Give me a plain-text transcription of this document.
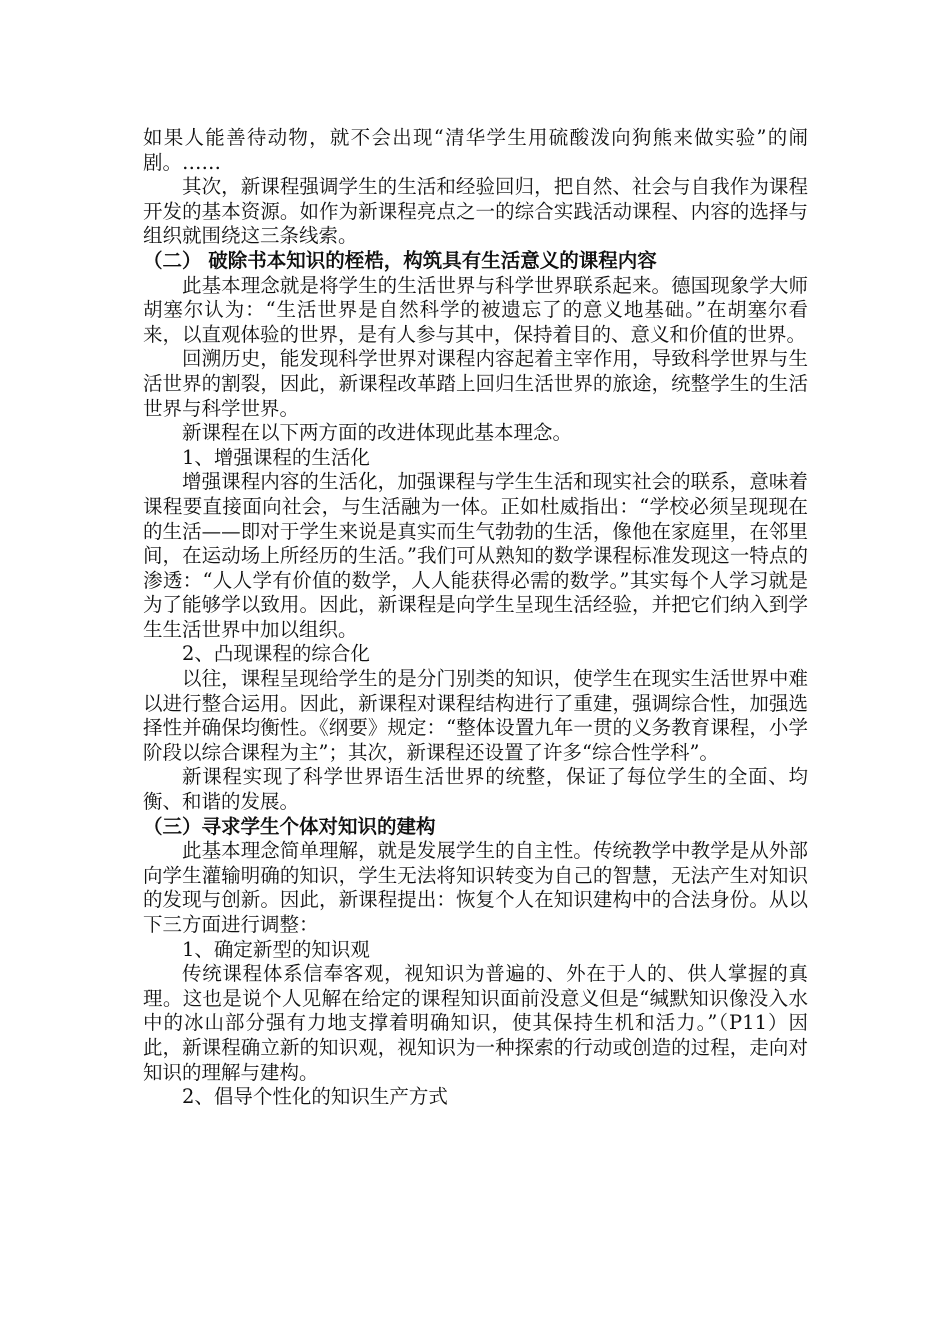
如果人能善待动物，就不会出现“清华学生用硫酸泼向狗熊来做实验”的闹剧。……

其次，新课程强调学生的生活和经验回归，把自然、社会与自我作为课程开发的基本资源。如作为新课程亮点之一的综合实践活动课程、内容的选择与组织就围绕这三条线索。

（二） 破除书本知识的桎梏，构筑具有生活意义的课程内容

此基本理念就是将学生的生活世界与科学世界联系起来。德国现象学大师胡塞尔认为：“生活世界是自然科学的被遗忘了的意义地基础。”在胡塞尔看来，以直观体验的世界，是有人参与其中，保持着目的、意义和价值的世界。

回溯历史，能发现科学世界对课程内容起着主宰作用，导致科学世界与生活世界的割裂，因此，新课程改革踏上回归生活世界的旅途，统整学生的生活世界与科学世界。

新课程在以下两方面的改进体现此基本理念。

1、增强课程的生活化

增强课程内容的生活化，加强课程与学生生活和现实社会的联系，意味着课程要直接面向社会，与生活融为一体。正如杜威指出：“学校必须呈现现在的生活——即对于学生来说是真实而生气勃勃的生活，像他在家庭里，在邻里间，在运动场上所经历的生活。”我们可从熟知的数学课程标准发现这一特点的渗透：“人人学有价值的数学，人人能获得必需的数学。”其实每个人学习就是为了能够学以致用。因此，新课程是向学生呈现生活经验，并把它们纳入到学生生活世界中加以组织。

2、凸现课程的综合化

以往，课程呈现给学生的是分门别类的知识，使学生在现实生活世界中难以进行整合运用。因此，新课程对课程结构进行了重建，强调综合性，加强选择性并确保均衡性。《纲要》规定：“整体设置九年一贯的义务教育课程，小学阶段以综合课程为主”；其次，新课程还设置了许多“综合性学科”。

新课程实现了科学世界语生活世界的统整，保证了每位学生的全面、均衡、和谐的发展。

（三）寻求学生个体对知识的建构

此基本理念简单理解，就是发展学生的自主性。传统教学中教学是从外部向学生灌输明确的知识，学生无法将知识转变为自己的智慧，无法产生对知识的发现与创新。因此，新课程提出：恢复个人在知识建构中的合法身份。从以下三方面进行调整：

1、确定新型的知识观

传统课程体系信奉客观，视知识为普遍的、外在于人的、供人掌握的真理。这也是说个人见解在给定的课程知识面前没意义但是“缄默知识像没入水中的冰山部分强有力地支撑着明确知识，使其保持生机和活力。”（P11）因此，新课程确立新的知识观，视知识为一种探索的行动或创造的过程，走向对知识的理解与建构。

2、倡导个性化的知识生产方式
